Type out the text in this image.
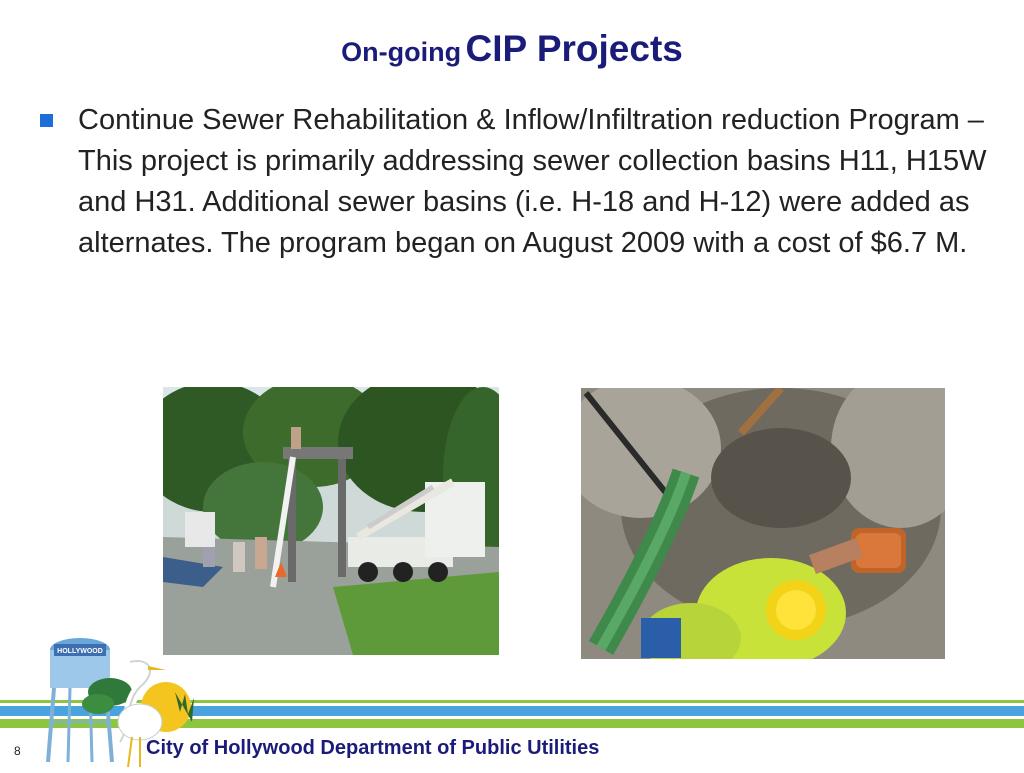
On-going CIP Projects
Continue Sewer Rehabilitation & Inflow/Infiltration reduction Program – This project is primarily addressing sewer collection basins H11, H15W and H31. Additional sewer basins (i.e. H-18 and H-12) were added as alternates. The program began on August 2009 with a cost of $6.7 M.
HOLLYWOOD
8	City of Hollywood Department of Public Utilities
